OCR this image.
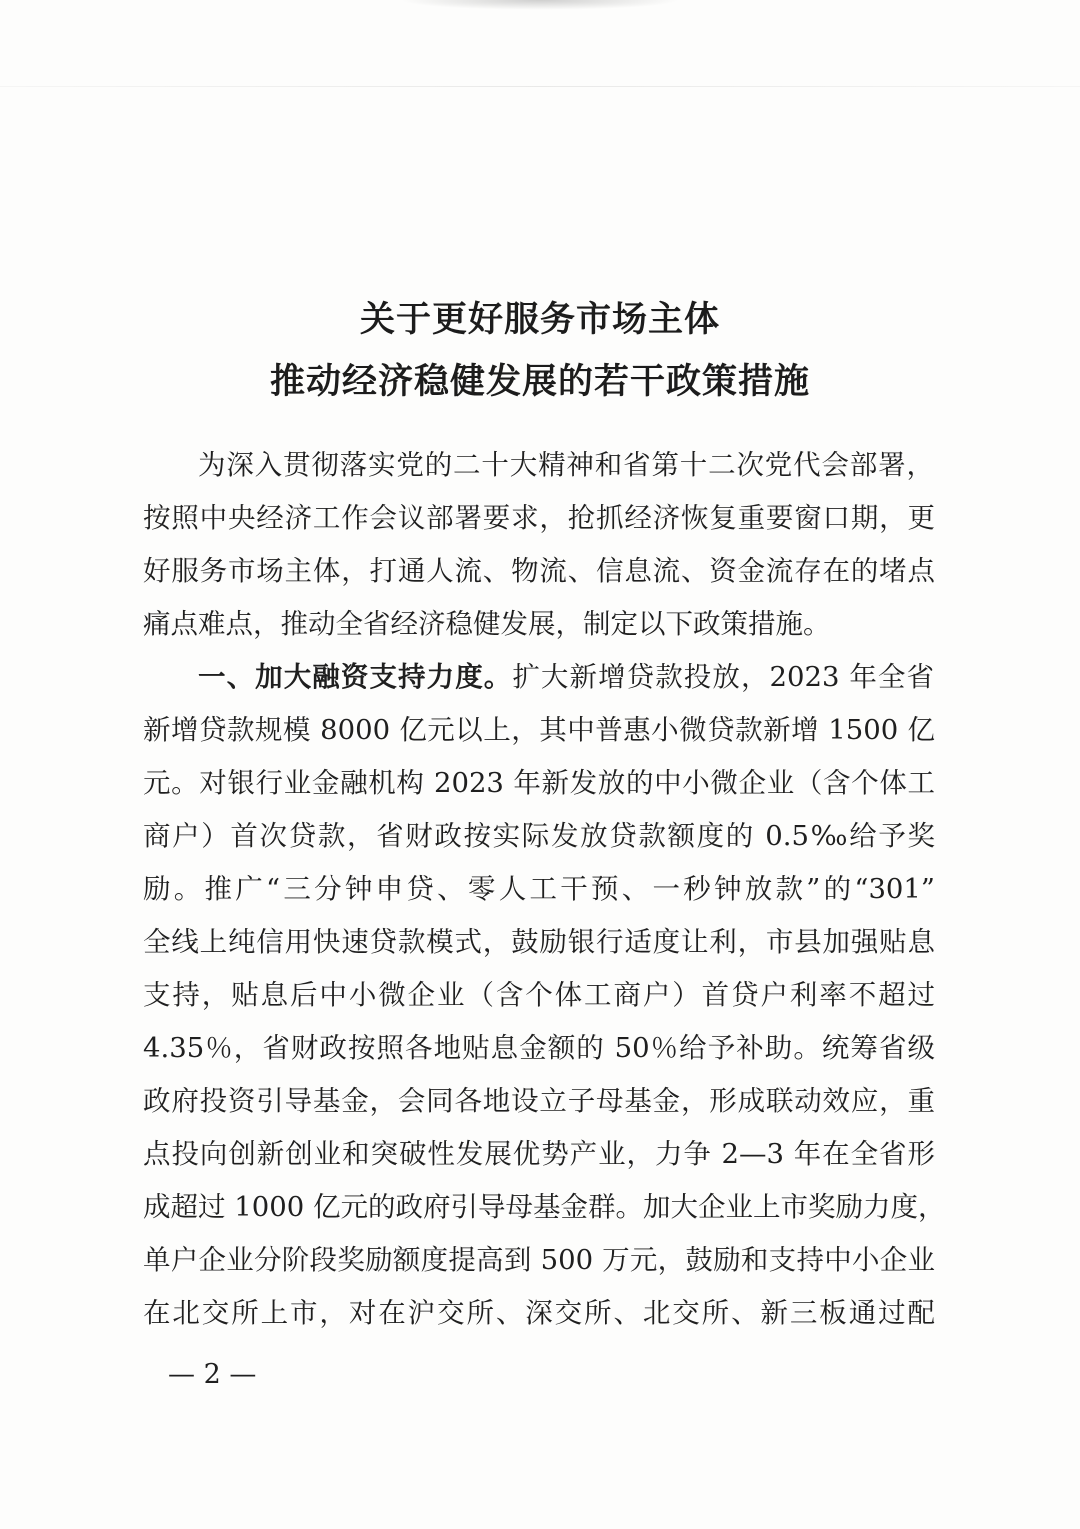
关于更好服务市场主体
推动经济稳健发展的若干政策措施
为深入贯彻落实党的二十大精神和省第十二次党代会部署，
按照中央经济工作会议部署要求，抢抓经济恢复重要窗口期，更
好服务市场主体，打通人流、物流、信息流、资金流存在的堵点
痛点难点，推动全省经济稳健发展，制定以下政策措施。
一、加大融资支持力度。扩大新增贷款投放，2023 年全省
新增贷款规模 8000 亿元以上，其中普惠小微贷款新增 1500 亿
元。对银行业金融机构 2023 年新发放的中小微企业（含个体工
商户）首次贷款，省财政按实际发放贷款额度的 0.5‰给予奖
励。推广“三分钟申贷、零人工干预、一秒钟放款”的“301”
全线上纯信用快速贷款模式，鼓励银行适度让利，市县加强贴息
支持，贴息后中小微企业（含个体工商户）首贷户利率不超过
4.35％，省财政按照各地贴息金额的 50％给予补助。统筹省级
政府投资引导基金，会同各地设立子母基金，形成联动效应，重
点投向创新创业和突破性发展优势产业，力争 2—3 年在全省形
成超过 1000 亿元的政府引导母基金群。加大企业上市奖励力度，
单户企业分阶段奖励额度提高到 500 万元，鼓励和支持中小企业
在北交所上市，对在沪交所、深交所、北交所、新三板通过配
— 2 —
